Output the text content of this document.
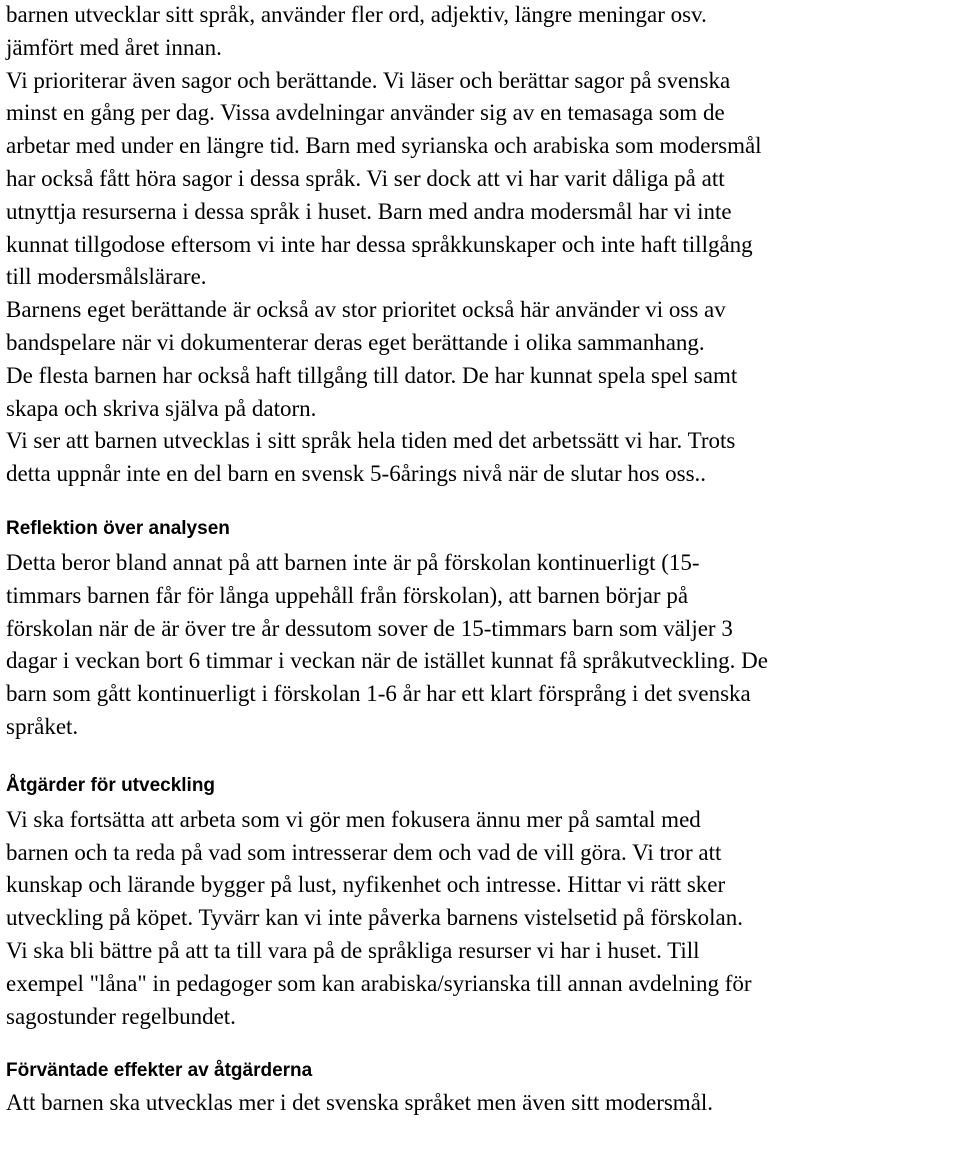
barnen utvecklar sitt språk, använder fler ord, adjektiv, längre meningar osv.
jämfört med året innan.
Vi prioriterar även sagor och berättande. Vi läser och berättar sagor på svenska
minst en gång per dag. Vissa avdelningar använder sig av en temasaga som de
arbetar med under en längre tid. Barn med syrianska och arabiska som modersmål
har också fått höra sagor i dessa språk. Vi ser dock att vi har varit dåliga på att
utnyttja resurserna i dessa språk i huset. Barn med andra modersmål har vi inte
kunnat tillgodose eftersom vi inte har dessa språkkunskaper och inte haft tillgång
till modersmålslärare.
Barnens eget berättande är också av stor prioritet också här använder vi oss av
bandspelare när vi dokumenterar deras eget berättande i olika sammanhang.
De flesta barnen har också haft tillgång till dator. De har kunnat spela spel samt
skapa och skriva själva på datorn.
Vi ser att barnen utvecklas i sitt språk hela tiden med det arbetssätt vi har. Trots
detta uppnår inte en del barn en svensk 5-6årings nivå när de slutar hos oss..

Reflektion över analysen

Detta beror bland annat på att barnen inte är på förskolan kontinuerligt (15-
timmars barnen får för långa uppehåll från förskolan), att barnen börjar på
förskolan när de är över tre år dessutom sover de 15-timmars barn som väljer 3
dagar i veckan bort 6 timmar i veckan när de istället kunnat få språkutveckling. De
barn som gått kontinuerligt i förskolan 1-6 år har ett klart försprång i det svenska
språket.

Åtgärder för utveckling

Vi ska fortsätta att arbeta som vi gör men fokusera ännu mer på samtal med
barnen och ta reda på vad som intresserar dem och vad de vill göra. Vi tror att
kunskap och lärande bygger på lust, nyfikenhet och intresse. Hittar vi rätt sker
utveckling på köpet. Tyvärr kan vi inte påverka barnens vistelsetid på förskolan.
Vi ska bli bättre på att ta till vara på de språkliga resurser vi har i huset. Till
exempel "låna" in pedagoger som kan arabiska/syrianska till annan avdelning för
sagostunder regelbundet.

Förväntade effekter av åtgärderna

Att barnen ska utvecklas mer i det svenska språket men även sitt modersmål.
